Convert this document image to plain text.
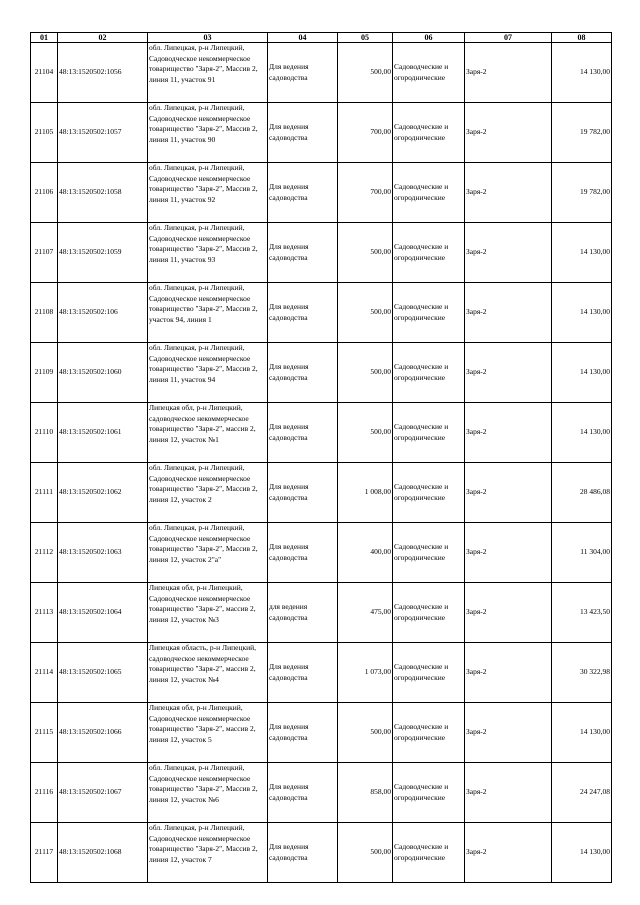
01	02	03	04	05	06	07	08
21104	48:13:1520502:1056	обл. Липецкая, р-н Липецкий, Садоводческое некоммерческое товарищество "Заря-2", Массив 2, линия 11, участок 91	Для ведения садоводства	500,00	Садоводческие и огороднические	Заря-2	14 130,00
21105	48:13:1520502:1057	обл. Липецкая, р-н Липецкий, Садоводческое некоммерческое товарищество "Заря-2", Массив 2, линия 11, участок 90	Для ведения садоводства	700,00	Садоводческие и огороднические	Заря-2	19 782,00
21106	48:13:1520502:1058	обл. Липецкая, р-н Липецкий, Садоводческое некоммерческое товарищество "Заря-2", Массив 2, линия 11, участок 92	Для ведения садоводства	700,00	Садоводческие и огороднические	Заря-2	19 782,00
21107	48:13:1520502:1059	обл. Липецкая, р-н Липецкий, Садоводческое некоммерческое товарищество "Заря-2", Массив 2, линия 11, участок 93	Для ведения садоводства	500,00	Садоводческие и огороднические	Заря-2	14 130,00
21108	48:13:1520502:106	обл. Липецкая, р-н Липецкий, Садоводческое некоммерческое товарищество "Заря-2", Массив 2, участок 94, линия 1	Для ведения садоводства	500,00	Садоводческие и огороднические	Заря-2	14 130,00
21109	48:13:1520502:1060	обл. Липецкая, р-н Липецкий, Садоводческое некоммерческое товарищество "Заря-2", Массив 2, линия 11, участок 94	Для ведения садоводства	500,00	Садоводческие и огороднические	Заря-2	14 130,00
21110	48:13:1520502:1061	Липецкая обл, р-н Липецкий, садоводческое некоммерческое товарищество "Заря-2", массив 2, линия 12, участок №1	Для ведения садоводства	500,00	Садоводческие и огороднические	Заря-2	14 130,00
21111	48:13:1520502:1062	обл. Липецкая, р-н Липецкий, Садоводческое некоммерческое товарищество "Заря-2", Массив 2, линия 12, участок 2	Для ведения садоводства	1 008,00	Садоводческие и огороднические	Заря-2	28 486,08
21112	48:13:1520502:1063	обл. Липецкая, р-н Липецкий, Садоводческое некоммерческое товарищество "Заря-2", Массив 2, линия 12, участок 2"а"	Для ведения садоводства	400,00	Садоводческие и огороднические	Заря-2	11 304,00
21113	48:13:1520502:1064	Липецкая обл, р-н Липецкий, Садоводческое некоммерческое товарищество "Заря-2", массив 2, линия 12, участок №3	для ведения садоводства	475,00	Садоводческие и огороднические	Заря-2	13 423,50
21114	48:13:1520502:1065	Липецкая область, р-н Липецкий, садоводческое некоммерческое товарищество "Заря-2", массив 2, линия 12, участок №4	Для ведения садоводства	1 073,00	Садоводческие и огороднические	Заря-2	30 322,98
21115	48:13:1520502:1066	Липецкая обл, р-н Липецкий, Садоводческое некоммерческое товарищество "Заря-2", массив 2, линия 12, участок 5	Для ведения садоводства	500,00	Садоводческие и огороднические	Заря-2	14 130,00
21116	48:13:1520502:1067	обл. Липецкая, р-н Липецкий, Садоводческое некоммерческое товарищество "Заря-2", Массив 2, линия 12, участок №6	Для ведения садоводства	858,00	Садоводческие и огороднические	Заря-2	24 247,08
21117	48:13:1520502:1068	обл. Липецкая, р-н Липецкий, Садоводческое некоммерческое товарищество "Заря-2", Массив 2, линия 12, участок 7	Для ведения садоводства	500,00	Садоводческие и огороднические	Заря-2	14 130,00
